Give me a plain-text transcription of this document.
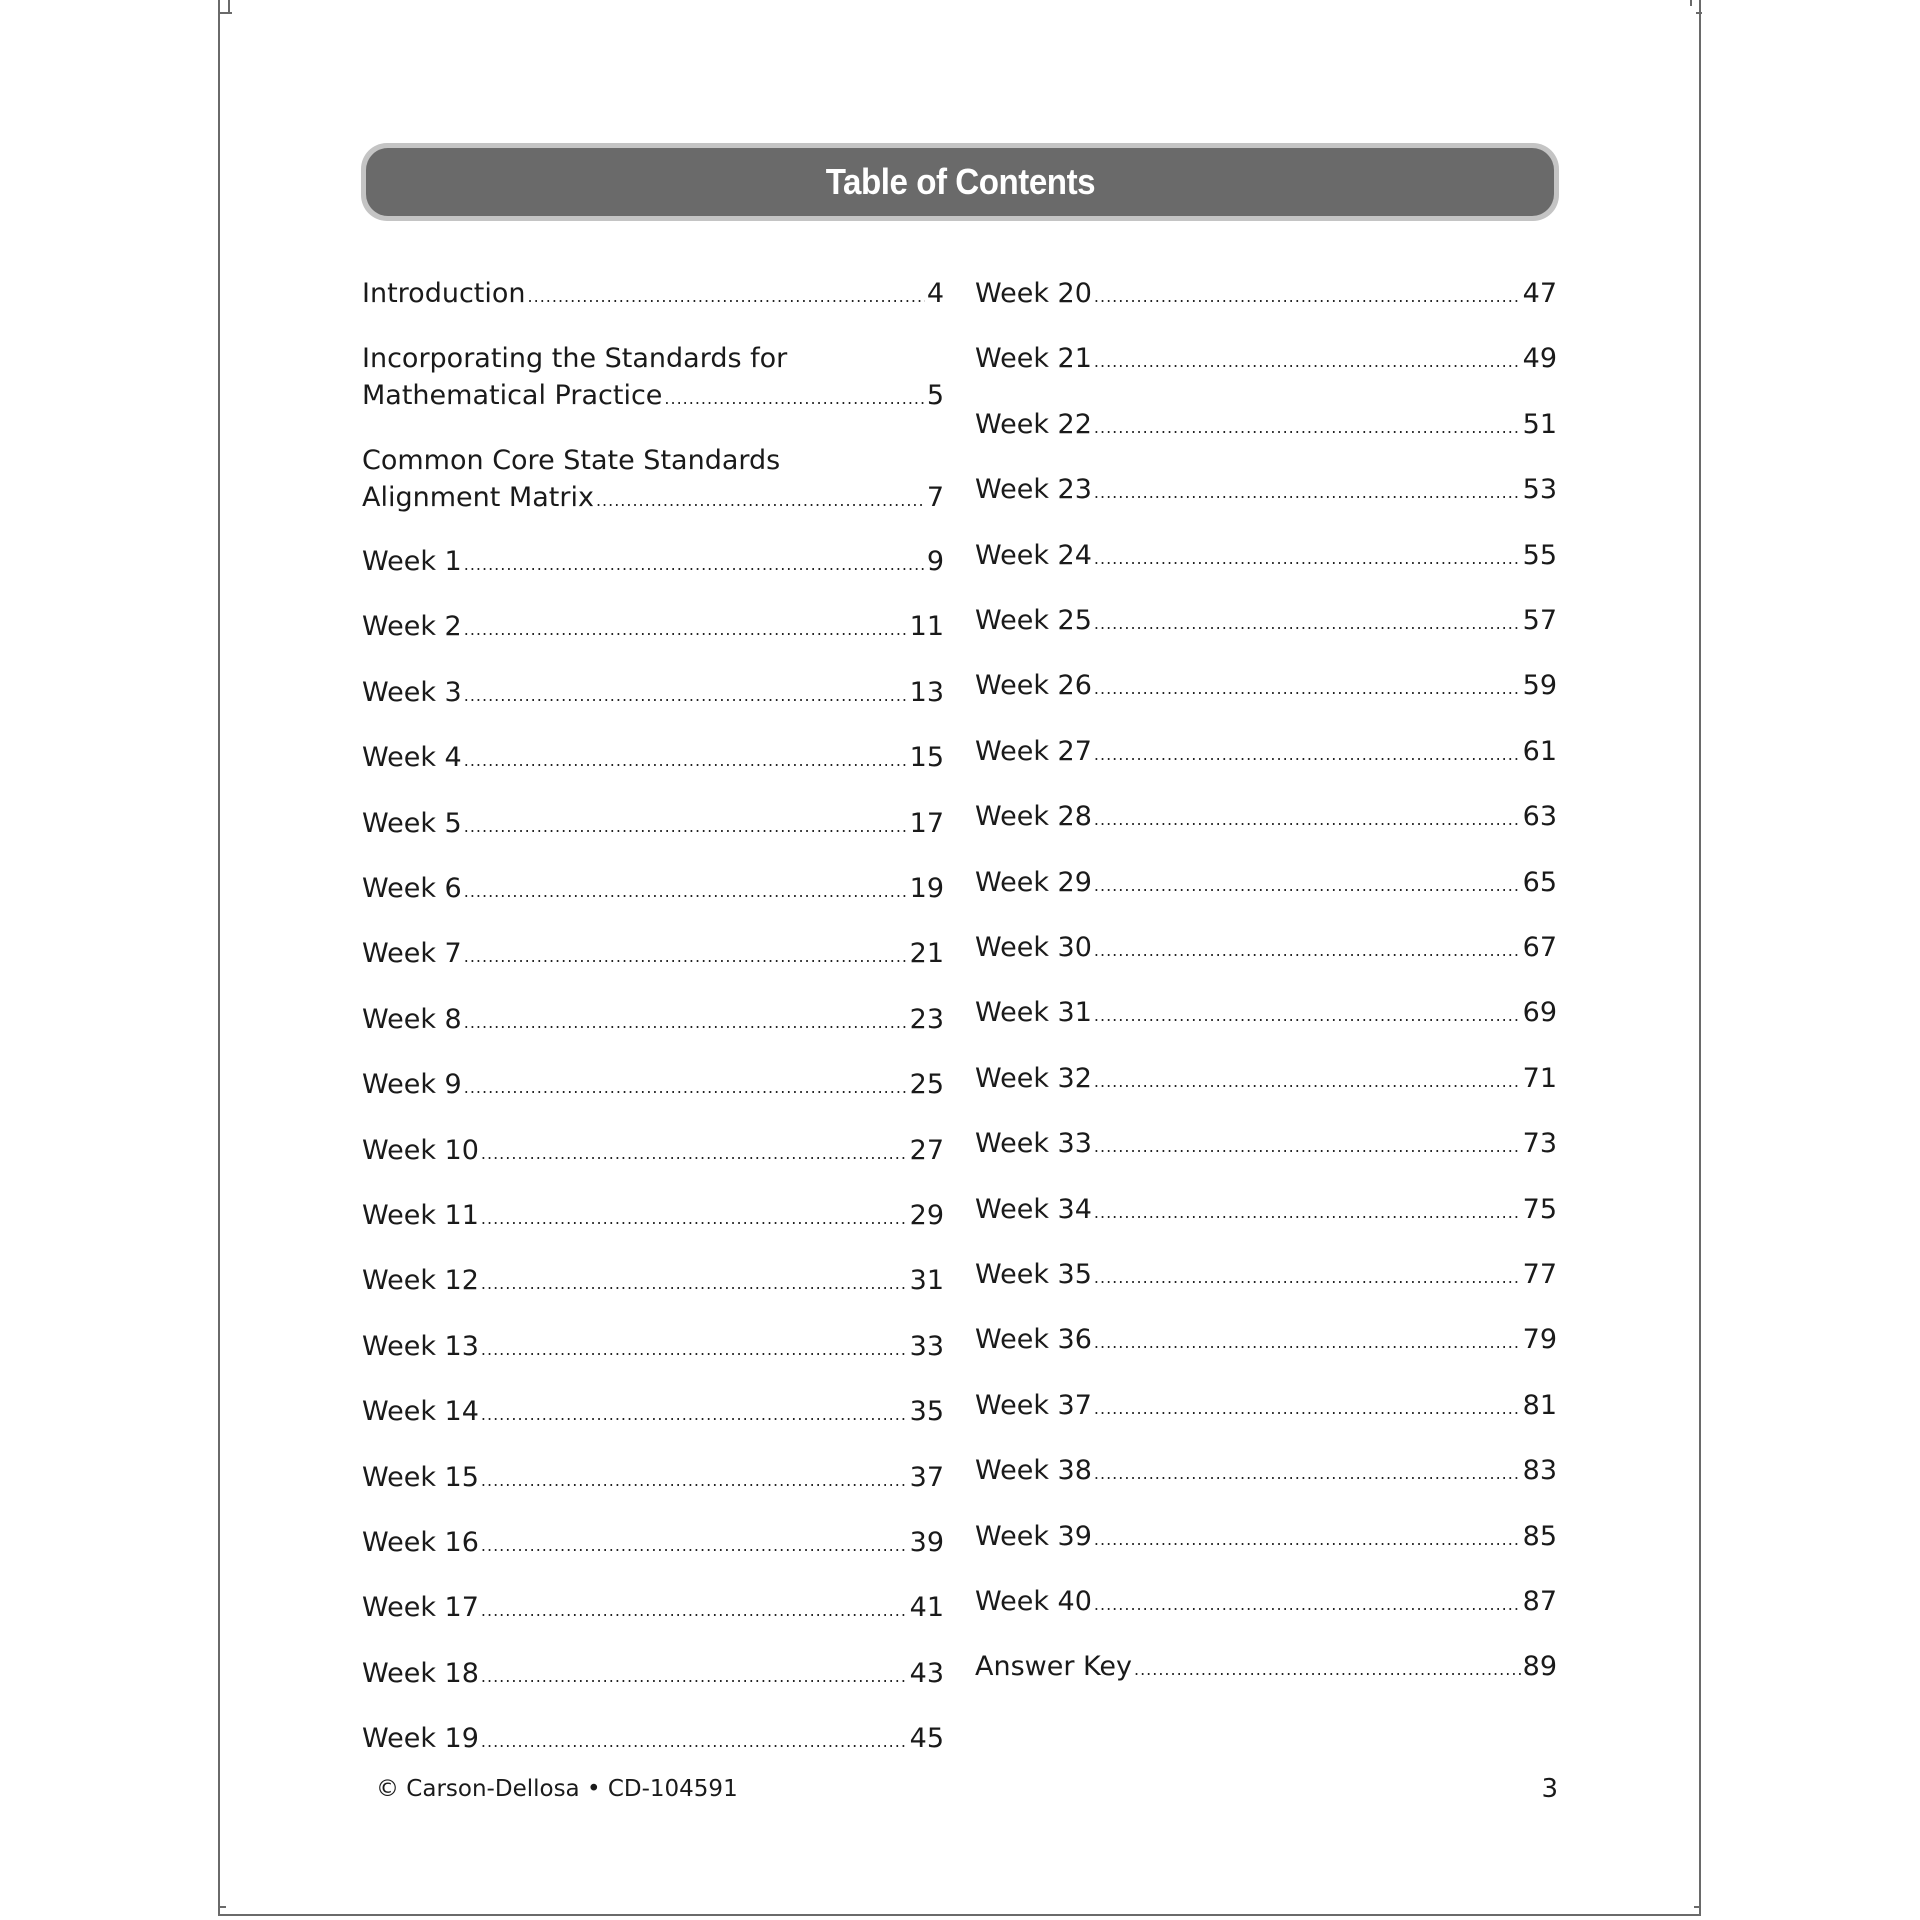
Table of Contents
Introduction .....	4
Incorporating the Standards for
Mathematical Practice .....	5
Common Core State Standards
Alignment Matrix .....	7
Week 1 .....	9
Week 2 .....	11
Week 3 .....	13
Week 4 .....	15
Week 5 .....	17
Week 6 .....	19
Week 7 .....	21
Week 8 .....	23
Week 9 .....	25
Week 10 .....	27
Week 11 .....	29
Week 12 .....	31
Week 13 .....	33
Week 14 .....	35
Week 15 .....	37
Week 16 .....	39
Week 17 .....	41
Week 18 .....	43
Week 19 .....	45
Week 20 .....	47
Week 21 .....	49
Week 22 .....	51
Week 23 .....	53
Week 24 .....	55
Week 25 .....	57
Week 26 .....	59
Week 27 .....	61
Week 28 .....	63
Week 29 .....	65
Week 30 .....	67
Week 31 .....	69
Week 32 .....	71
Week 33 .....	73
Week 34 .....	75
Week 35 .....	77
Week 36 .....	79
Week 37 .....	81
Week 38 .....	83
Week 39 .....	85
Week 40 .....	87
Answer Key .....	89
© Carson-Dellosa • CD-104591	3
